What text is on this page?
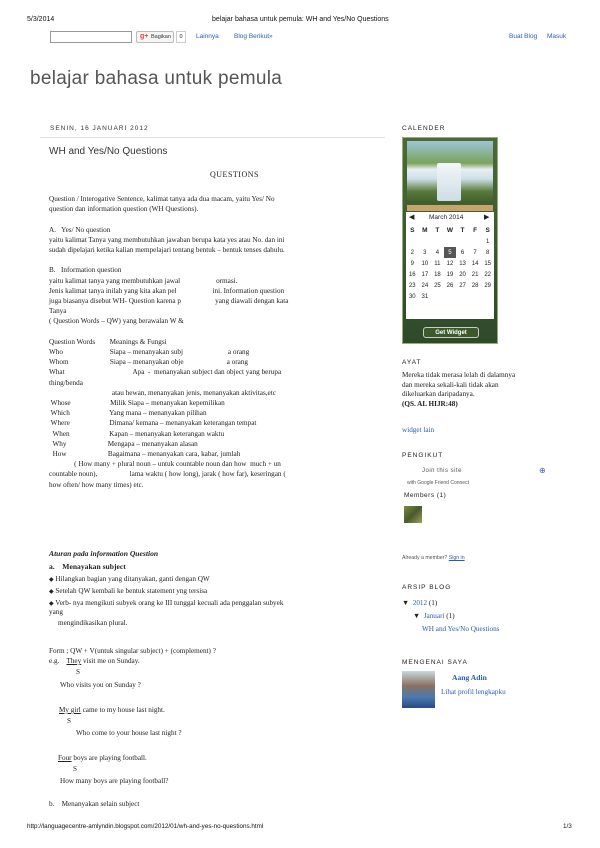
5/3/2014	belajar bahasa untuk pemula: WH and Yes/No Questions
g+ Bagikan	0	Lainnya Blog Berikut»	Buat Blog Masuk
belajar bahasa untuk pemula
SENIN, 16 JANUARI 2012
WH and Yes/No Questions
QUESTIONS

Question / Interogative Sentence, kalimat tanya ada dua macam, yaitu Yes/ No

question dan information question (WH Questions).

A.   Yes/ No question

yaitu kalimat Tanya yang membutuhkan jawaban berupa kata yes atau No. dan ini

sudah dipelajari ketika kalian mempelajari tentang bentuk – bentuk tenses dahulu.

B.   Information question

yaitu kalimat tanya yang membutuhkan jawal                    ormasi.

Jenis kalimat tanya inilah yang kita akan pel                    ini. Information question

juga biasanya disebut WH- Question karena p                   yang diawali dengan kata

Tanya

( Question Words – QW) yang berawalan W &

Question Words        Meanings & Fungsi

Who                          Siapa – menanyakan subj                         a orang

Whom                       Siapa – menanyakan obje                        a orang

What                                      Apa  -  menanyakan subject dan object yang berupa

thing/benda

atau hewan, menanyakan jenis, menanyakan aktivitas,etc

Whose                      Milik Siapa – menanyakan kepemilikan

Which                      Yang mana – menanyakan pilihan

Where                      Dimana/ kemana – menanyakan keterangan tempat

When                      Kapan – menanyakan keterangan waktu

Why                       Mengapa – menanyakan alasan

How                       Bagaimana – menanyakan cara, kabar, jumlah

( How many + plural noun – untuk countable noun dan how  much + un

countable noun),                  lama waktu ( how long), jarak ( how far), keseringan (

how often/ how many times) etc.

Aturan pada information Question
a.    Menayakan subject
◆ Hilangkan bagian yang ditanyakan, ganti dengan QW
◆ Setelah QW kembali ke bentuk statement yng tersisa
◆ Verb- nya mengikuti subyek orang ke III tunggal kecuali ada penggalan subyek

yang

mengindikasikan plural.

Form ; QW + V(untuk singular subject) + (complement) ?

e.g.    They visit me on Sunday.
S
Who visits you on Sunday ?
My girl came to my house last night.
S
Who come to your house last night ?
Four boys are playing football.
S
How many boys are playing football?
b.    Menanyakan selain subject
CALENDER
◀ March 2014	▶
S	M	T	W	T	F	S
						1
2	3	4	5	6	7	8
9	10	11	12	13	14	15
16	17	18	19	20	21	22
23	24	25	26	27	28	29
30	31					
Get Widget
AYAT
Mereka tidak merasa lelah di dalamnya
dan mereka sekali-kali tidak akan
dikeluarkan daripadanya.
(QS. AL HIJR:48)
widget lain
PENGIKUT
Join this site	⊕
with Google Friend Connect
Members (1)
Already a member? Sign in
ARSIP BLOG
▼ 2012 (1)
▼ Januari (1)
WH and Yes/No Questions
MENGENAI SAYA
Aang Adin
Lihat profil lengkapku
http://languagecentre-amlyndin.blogspot.com/2012/01/wh-and-yes-no-questions.html	1/3
